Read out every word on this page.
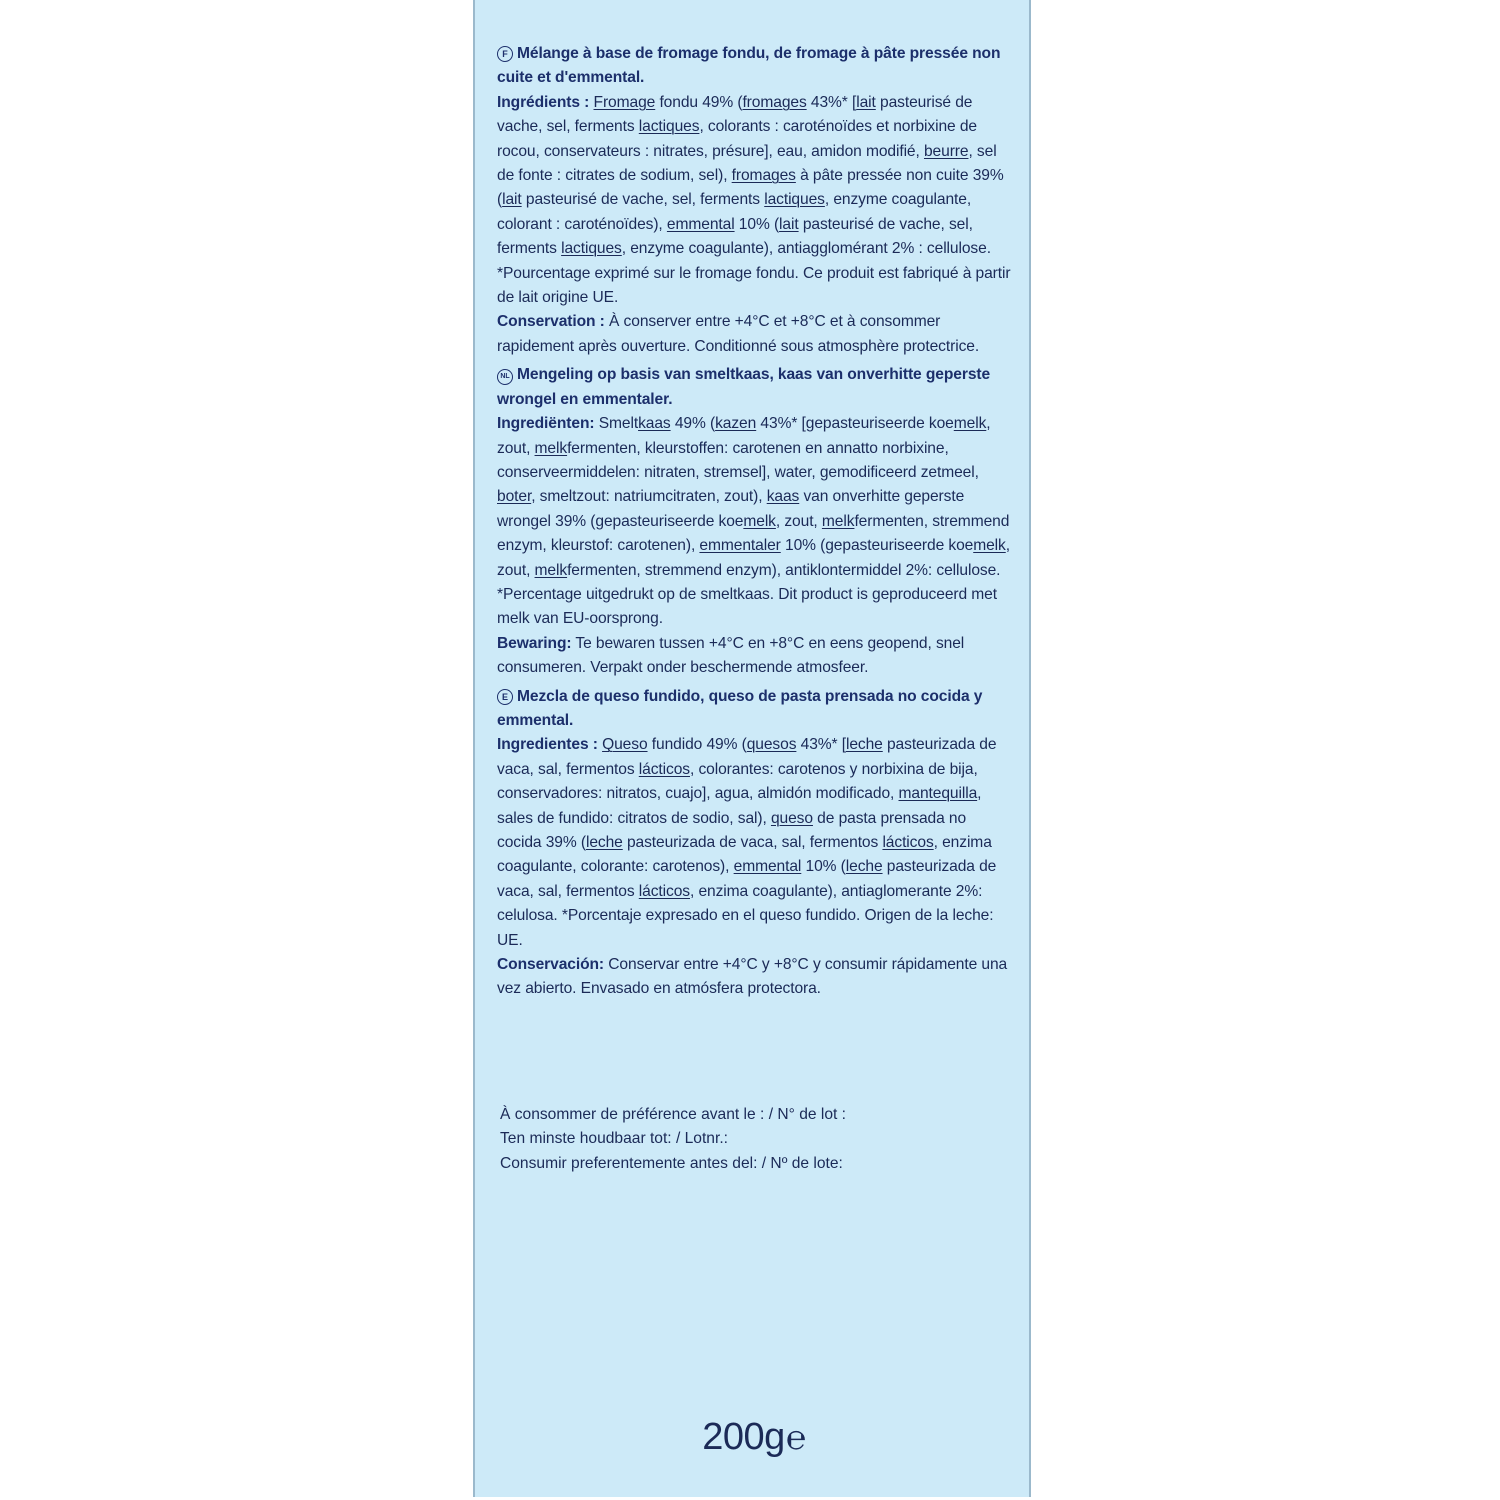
F Mélange à base de fromage fondu, de fromage à pâte pressée non cuite et d'emmental.
Ingrédients : Fromage fondu 49% (fromages 43%* [lait pasteurisé de vache, sel, ferments lactiques, colorants : caroténoïdes et norbixine de rocou, conservateurs : nitrates, présure], eau, amidon modifié, beurre, sel de fonte : citrates de sodium, sel), fromages à pâte pressée non cuite 39% (lait pasteurisé de vache, sel, ferments lactiques, enzyme coagulante, colorant : caroténoïdes), emmental 10% (lait pasteurisé de vache, sel, ferments lactiques, enzyme coagulante), antiagglomérant 2% : cellulose. *Pourcentage exprimé sur le fromage fondu. Ce produit est fabriqué à partir de lait origine UE.
Conservation : À conserver entre +4°C et +8°C et à consommer rapidement après ouverture. Conditionné sous atmosphère protectrice.
NL Mengeling op basis van smeltkaas, kaas van onverhitte geperste wrongel en emmentaler.
Ingrediënten: Smeltkaas 49% (kazen 43%* [gepasteuriseerde koemelk, zout, melkfermenten, kleurstoffen: carotenen en annatto norbixine, conserveermiddelen: nitraten, stremsel], water, gemodificeerd zetmeel, boter, smeltzout: natriumcitraten, zout), kaas van onverhitte geperste wrongel 39% (gepasteuriseerde koemelk, zout, melkfermenten, stremmend enzym, kleurstof: carotenen), emmentaler 10% (gepasteuriseerde koemelk, zout, melkfermenten, stremmend enzym), antiklontermiddel 2%: cellulose. *Percentage uitgedrukt op de smeltkaas. Dit product is geproduceerd met melk van EU-oorsprong.
Bewaring: Te bewaren tussen +4°C en +8°C en eens geopend, snel consumeren. Verpakt onder beschermende atmosfeer.
E Mezcla de queso fundido, queso de pasta prensada no cocida y emmental.
Ingredientes : Queso fundido 49% (quesos 43%* [leche pasteurizada de vaca, sal, fermentos lácticos, colorantes: carotenos y norbixina de bija, conservadores: nitratos, cuajo], agua, almidón modificado, mantequilla, sales de fundido: citratos de sodio, sal), queso de pasta prensada no cocida 39% (leche pasteurizada de vaca, sal, fermentos lácticos, enzima coagulante, colorante: carotenos), emmental 10% (leche pasteurizada de vaca, sal, fermentos lácticos, enzima coagulante), antiaglomerante 2%: celulosa. *Porcentaje expresado en el queso fundido. Origen de la leche: UE.
Conservación: Conservar entre +4°C y +8°C y consumir rápidamente una vez abierto. Envasado en atmósfera protectora.
À consommer de préférence avant le : / N° de lot :
Ten minste houdbaar tot: / Lotnr.:
Consumir preferentemente antes del: / Nº de lote:
200g℮
